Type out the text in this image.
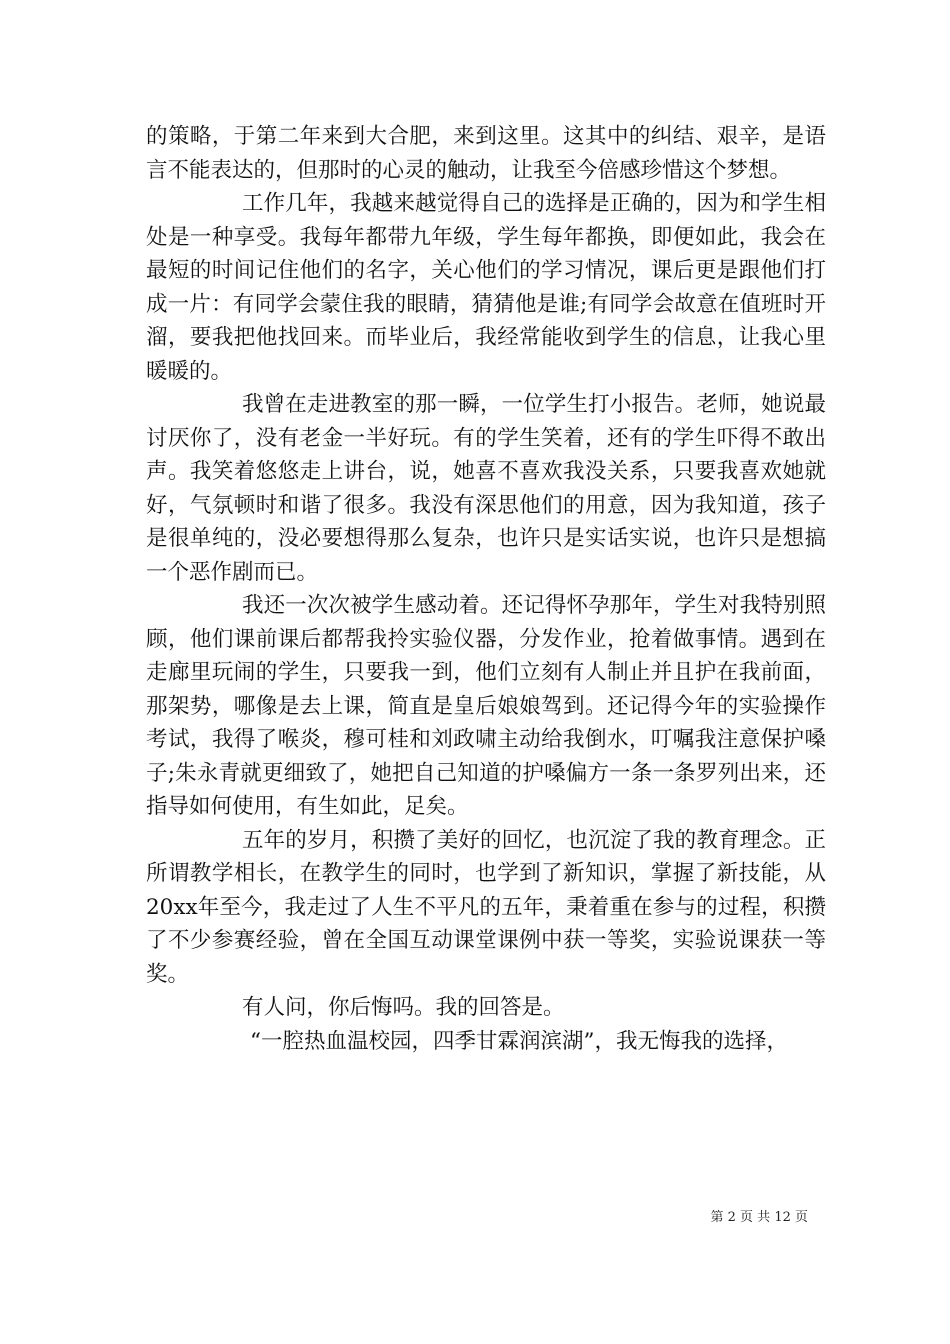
的策略，于第二年来到大合肥，来到这里。这其中的纠结、艰辛，是语言不能表达的，但那时的心灵的触动，让我至今倍感珍惜这个梦想。

工作几年，我越来越觉得自己的选择是正确的，因为和学生相处是一种享受。我每年都带九年级，学生每年都换，即便如此，我会在最短的时间记住他们的名字，关心他们的学习情况，课后更是跟他们打成一片：有同学会蒙住我的眼睛，猜猜他是谁;有同学会故意在值班时开溜，要我把他找回来。而毕业后，我经常能收到学生的信息，让我心里暖暖的。

我曾在走进教室的那一瞬，一位学生打小报告。老师，她说最讨厌你了，没有老金一半好玩。有的学生笑着，还有的学生吓得不敢出声。我笑着悠悠走上讲台，说，她喜不喜欢我没关系，只要我喜欢她就好，气氛顿时和谐了很多。我没有深思他们的用意，因为我知道，孩子是很单纯的，没必要想得那么复杂，也许只是实话实说，也许只是想搞一个恶作剧而已。

我还一次次被学生感动着。还记得怀孕那年，学生对我特别照顾，他们课前课后都帮我拎实验仪器，分发作业，抢着做事情。遇到在走廊里玩闹的学生，只要我一到，他们立刻有人制止并且护在我前面，那架势，哪像是去上课，简直是皇后娘娘驾到。还记得今年的实验操作考试，我得了喉炎，穆可桂和刘政啸主动给我倒水，叮嘱我注意保护嗓子;朱永青就更细致了，她把自己知道的护嗓偏方一条一条罗列出来，还指导如何使用，有生如此，足矣。

五年的岁月，积攒了美好的回忆，也沉淀了我的教育理念。正所谓教学相长，在教学生的同时，也学到了新知识，掌握了新技能，从20xx年至今，我走过了人生不平凡的五年，秉着重在参与的过程，积攒了不少参赛经验，曾在全国互动课堂课例中获一等奖，实验说课获一等奖。

有人问，你后悔吗。我的回答是。

“一腔热血温校园，四季甘霖润滨湖”，我无悔我的选择，

第 2 页 共 12 页
